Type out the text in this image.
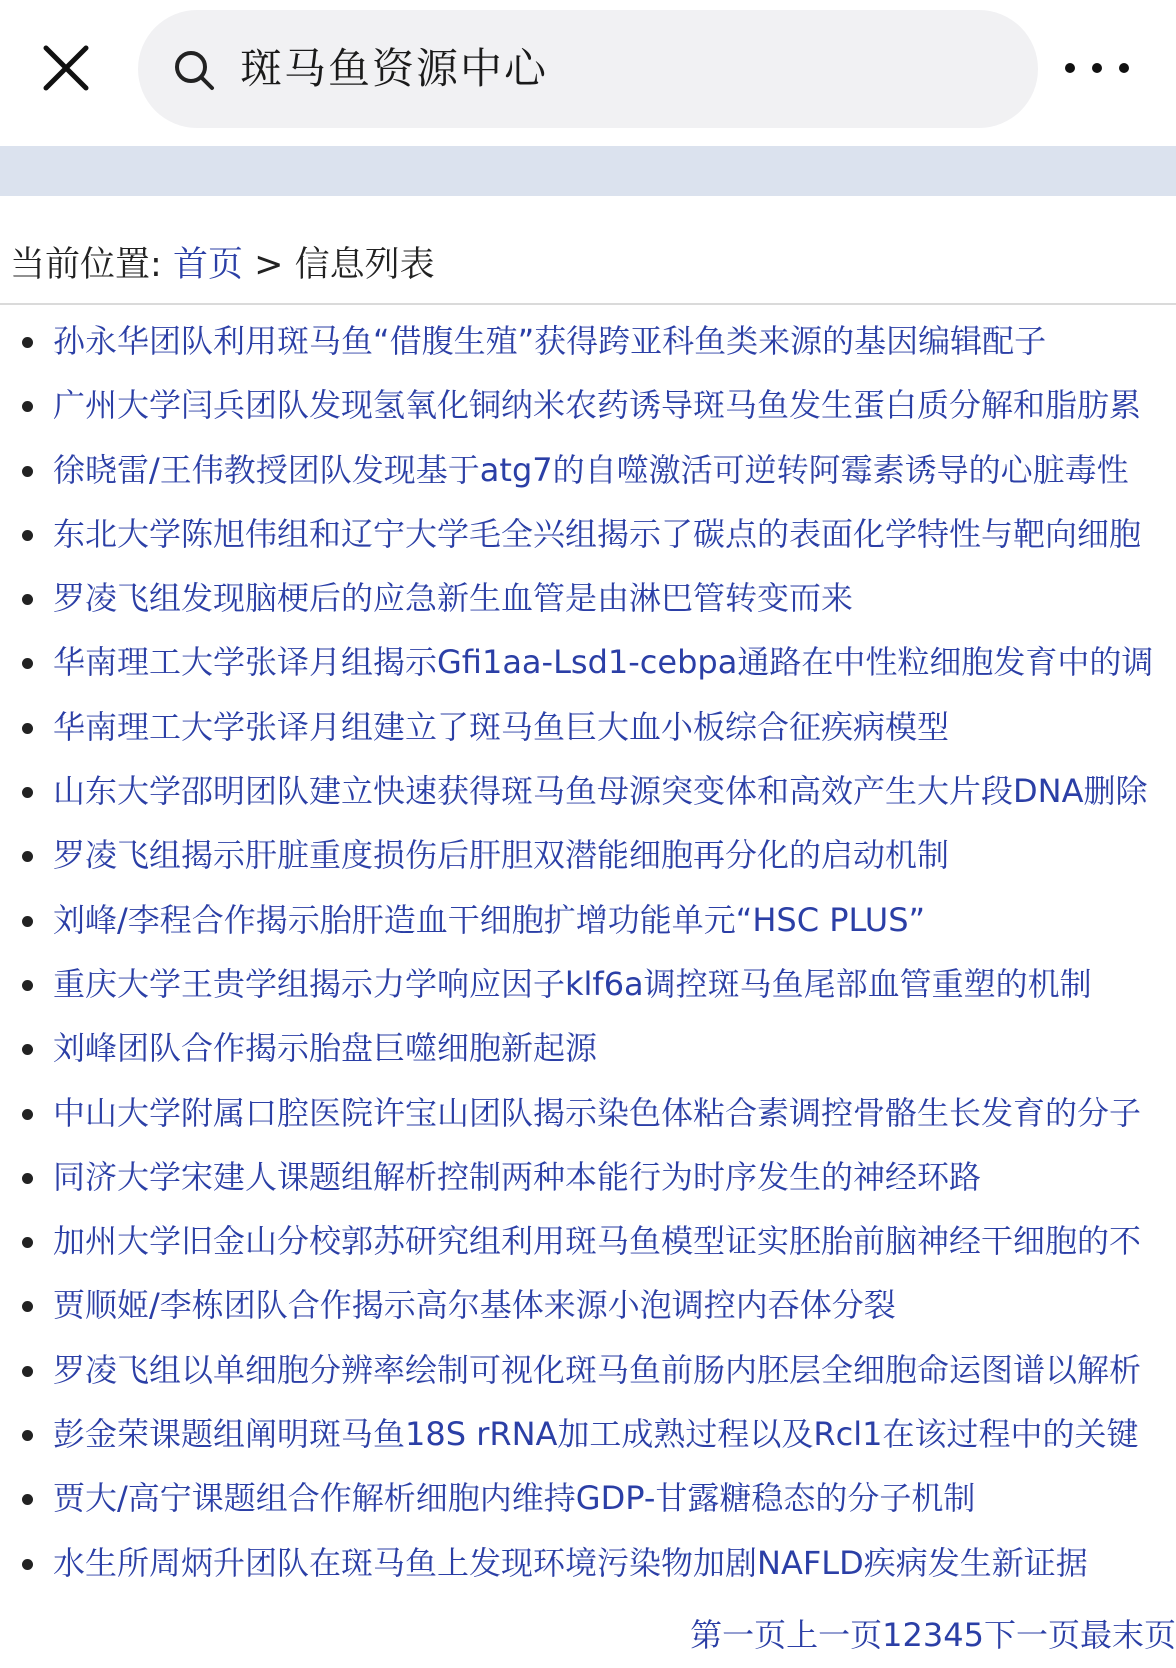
斑马鱼资源中心
当前位置: 首页 > 信息列表
孙永华团队利用斑马鱼“借腹生殖”获得跨亚科鱼类来源的基因编辑配子
广州大学闫兵团队发现氢氧化铜纳米农药诱导斑马鱼发生蛋白质分解和脂肪累
徐晓雷/王伟教授团队发现基于atg7的自噬激活可逆转阿霉素诱导的心脏毒性
东北大学陈旭伟组和辽宁大学毛全兴组揭示了碳点的表面化学特性与靶向细胞
罗凌飞组发现脑梗后的应急新生血管是由淋巴管转变而来
华南理工大学张译月组揭示Gfi1aa-Lsd1-cebpa通路在中性粒细胞发育中的调
华南理工大学张译月组建立了斑马鱼巨大血小板综合征疾病模型
山东大学邵明团队建立快速获得斑马鱼母源突变体和高效产生大片段DNA删除
罗凌飞组揭示肝脏重度损伤后肝胆双潜能细胞再分化的启动机制
刘峰/李程合作揭示胎肝造血干细胞扩增功能单元“HSC PLUS”
重庆大学王贵学组揭示力学响应因子klf6a调控斑马鱼尾部血管重塑的机制
刘峰团队合作揭示胎盘巨噬细胞新起源
中山大学附属口腔医院许宝山团队揭示染色体粘合素调控骨骼生长发育的分子
同济大学宋建人课题组解析控制两种本能行为时序发生的神经环路
加州大学旧金山分校郭苏研究组利用斑马鱼模型证实胚胎前脑神经干细胞的不
贾顺姬/李栋团队合作揭示高尔基体来源小泡调控内吞体分裂
罗凌飞组以单细胞分辨率绘制可视化斑马鱼前肠内胚层全细胞命运图谱以解析
彭金荣课题组阐明斑马鱼18S rRNA加工成熟过程以及Rcl1在该过程中的关键
贾大/高宁课题组合作解析细胞内维持GDP-甘露糖稳态的分子机制
水生所周炳升团队在斑马鱼上发现环境污染物加剧NAFLD疾病发生新证据
第一页上一页12345下一页最末页
